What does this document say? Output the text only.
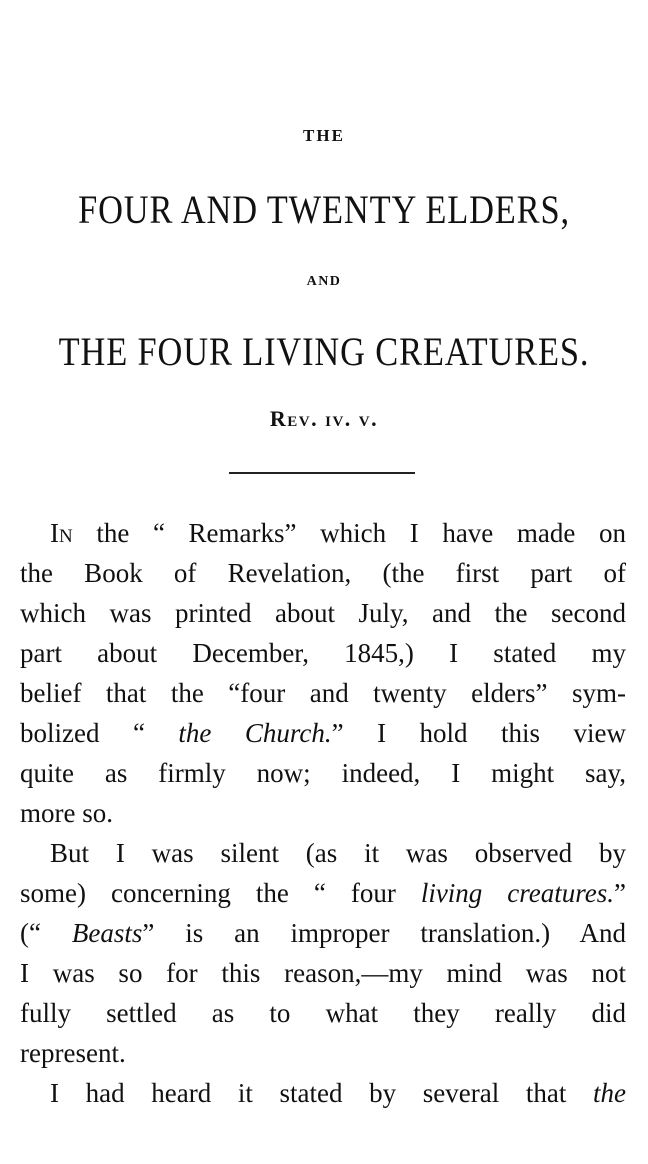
THE
FOUR AND TWENTY ELDERS,
AND
THE FOUR LIVING CREATURES.
Rev. iv. v.
In the “ Remarks” which I have made on
the Book of Revelation, (the first part of
which was printed about July, and the second
part about December, 1845,) I stated my
belief that the “four and twenty elders” sym-
bolized “ the Church.” I hold this view
quite as firmly now; indeed, I might say,
more so.
But I was silent (as it was observed by
some) concerning the “ four living creatures.”
(“ Beasts” is an improper translation.) And
I was so for this reason,—my mind was not
fully settled as to what they really did
represent.
I had heard it stated by several that the
